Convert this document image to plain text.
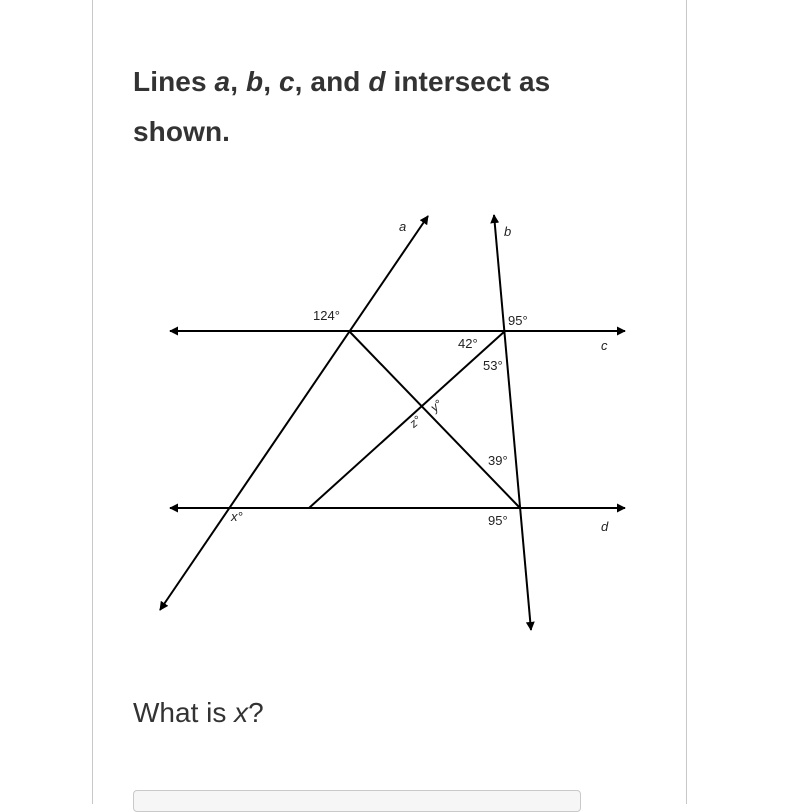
Lines a, b, c, and d intersect as shown.
a	b
c
d
124°	95°
42°
53°
y°
z°
39°
x°	95°
What is x?
